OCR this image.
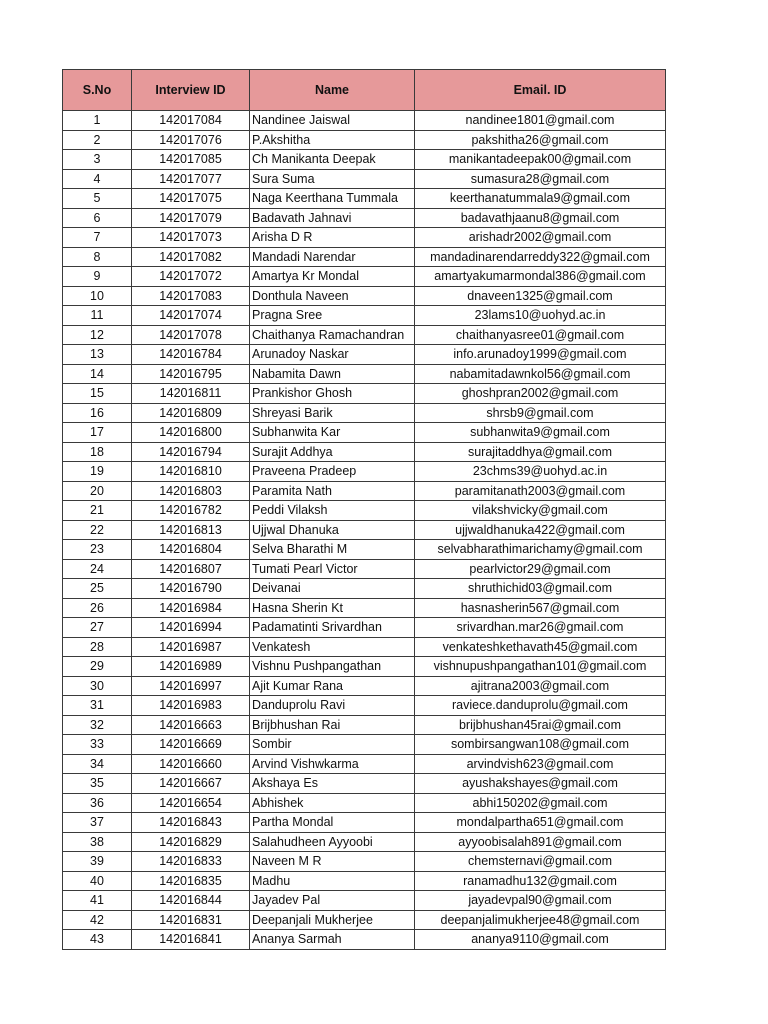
S.No	Interview ID	Name	Email. ID
1	142017084	Nandinee Jaiswal	nandinee1801@gmail.com
2	142017076	P.Akshitha	pakshitha26@gmail.com
3	142017085	Ch Manikanta Deepak	manikantadeepak00@gmail.com
4	142017077	Sura Suma	sumasura28@gmail.com
5	142017075	Naga Keerthana Tummala	keerthanatummala9@gmail.com
6	142017079	Badavath Jahnavi	badavathjaanu8@gmail.com
7	142017073	Arisha D R	arishadr2002@gmail.com
8	142017082	Mandadi Narendar	mandadinarendarreddy322@gmail.com
9	142017072	Amartya Kr Mondal	amartyakumarmondal386@gmail.com
10	142017083	Donthula Naveen	dnaveen1325@gmail.com
11	142017074	Pragna Sree	23lams10@uohyd.ac.in
12	142017078	Chaithanya Ramachandran	chaithanyasree01@gmail.com
13	142016784	Arunadoy Naskar	info.arunadoy1999@gmail.com
14	142016795	Nabamita Dawn	nabamitadawnkol56@gmail.com
15	142016811	Prankishor Ghosh	ghoshpran2002@gmail.com
16	142016809	Shreyasi Barik	shrsb9@gmail.com
17	142016800	Subhanwita Kar	subhanwita9@gmail.com
18	142016794	Surajit Addhya	surajitaddhya@gmail.com
19	142016810	Praveena Pradeep	23chms39@uohyd.ac.in
20	142016803	Paramita Nath	paramitanath2003@gmail.com
21	142016782	Peddi Vilaksh	vilakshvicky@gmail.com
22	142016813	Ujjwal Dhanuka	ujjwaldhanuka422@gmail.com
23	142016804	Selva Bharathi M	selvabharathimarichamy@gmail.com
24	142016807	Tumati Pearl Victor	pearlvictor29@gmail.com
25	142016790	Deivanai	shruthichid03@gmail.com
26	142016984	Hasna Sherin Kt	hasnasherin567@gmail.com
27	142016994	Padamatinti Srivardhan	srivardhan.mar26@gmail.com
28	142016987	Venkatesh	venkateshkethavath45@gmail.com
29	142016989	Vishnu Pushpangathan	vishnupushpangathan101@gmail.com
30	142016997	Ajit Kumar Rana	ajitrana2003@gmail.com
31	142016983	Danduprolu Ravi	raviece.danduprolu@gmail.com
32	142016663	Brijbhushan Rai	brijbhushan45rai@gmail.com
33	142016669	Sombir	sombirsangwan108@gmail.com
34	142016660	Arvind Vishwkarma	arvindvish623@gmail.com
35	142016667	Akshaya Es	ayushakshayes@gmail.com
36	142016654	Abhishek	abhi150202@gmail.com
37	142016843	Partha Mondal	mondalpartha651@gmail.com
38	142016829	Salahudheen Ayyoobi	ayyoobisalah891@gmail.com
39	142016833	Naveen M R	chemsternavi@gmail.com
40	142016835	Madhu	ranamadhu132@gmail.com
41	142016844	Jayadev Pal	jayadevpal90@gmail.com
42	142016831	Deepanjali Mukherjee	deepanjalimukherjee48@gmail.com
43	142016841	Ananya Sarmah	ananya9110@gmail.com
